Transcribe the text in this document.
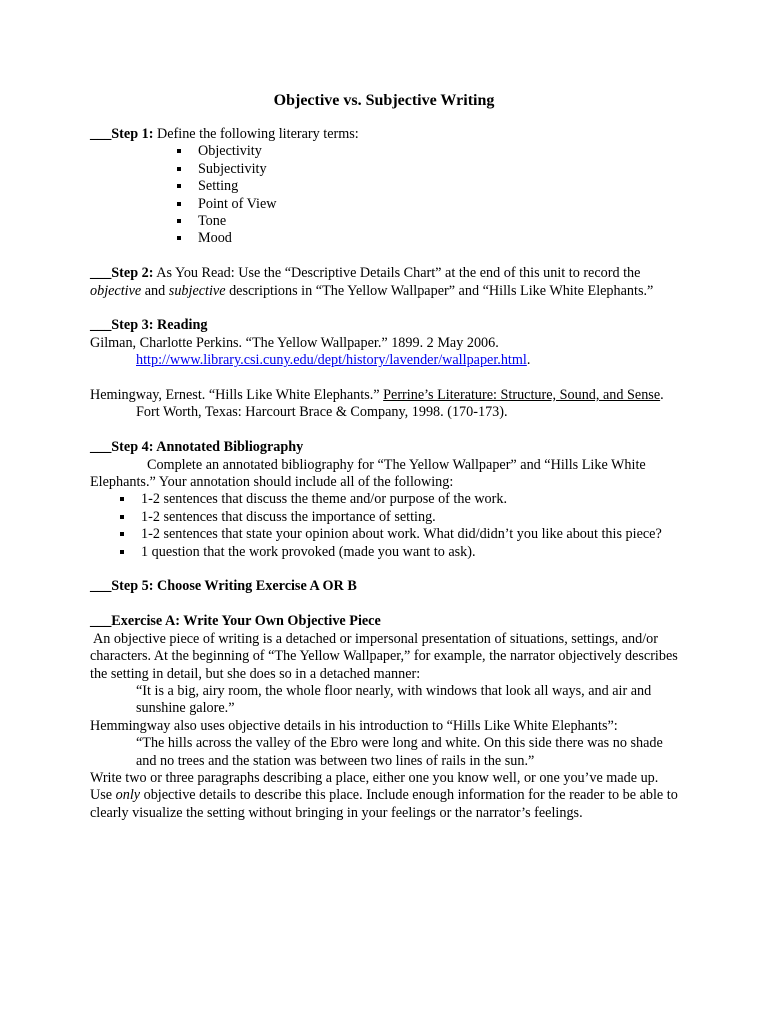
Objective vs. Subjective Writing
___Step 1: Define the following literary terms:
▪ Objectivity
▪ Subjectivity
▪ Setting
▪ Point of View
▪ Tone
▪ Mood
___Step 2: As You Read: Use the “Descriptive Details Chart” at the end of this unit to record the objective and subjective descriptions in “The Yellow Wallpaper” and “Hills Like White Elephants.”
___Step 3: Reading
Gilman, Charlotte Perkins. “The Yellow Wallpaper.” 1899. 2 May 2006.
http://www.library.csi.cuny.edu/dept/history/lavender/wallpaper.html.
Hemingway, Ernest. “Hills Like White Elephants.” Perrine’s Literature: Structure, Sound, and Sense. Fort Worth, Texas: Harcourt Brace & Company, 1998. (170-173).
___Step 4: Annotated Bibliography
Complete an annotated bibliography for “The Yellow Wallpaper” and “Hills Like White Elephants.” Your annotation should include all of the following:
▪ 1-2 sentences that discuss the theme and/or purpose of the work.
▪ 1-2 sentences that discuss the importance of setting.
▪ 1-2 sentences that state your opinion about work. What did/didn’t you like about this piece?
▪ 1 question that the work provoked (made you want to ask).
___Step 5: Choose Writing Exercise A OR B
___Exercise A: Write Your Own Objective Piece
An objective piece of writing is a detached or impersonal presentation of situations, settings, and/or characters. At the beginning of “The Yellow Wallpaper,” for example, the narrator objectively describes the setting in detail, but she does so in a detached manner:
“It is a big, airy room, the whole floor nearly, with windows that look all ways, and air and sunshine galore.”
Hemmingway also uses objective details in his introduction to “Hills Like White Elephants”:
“The hills across the valley of the Ebro were long and white. On this side there was no shade and no trees and the station was between two lines of rails in the sun.”
Write two or three paragraphs describing a place, either one you know well, or one you’ve made up. Use only objective details to describe this place. Include enough information for the reader to be able to clearly visualize the setting without bringing in your feelings or the narrator’s feelings.
